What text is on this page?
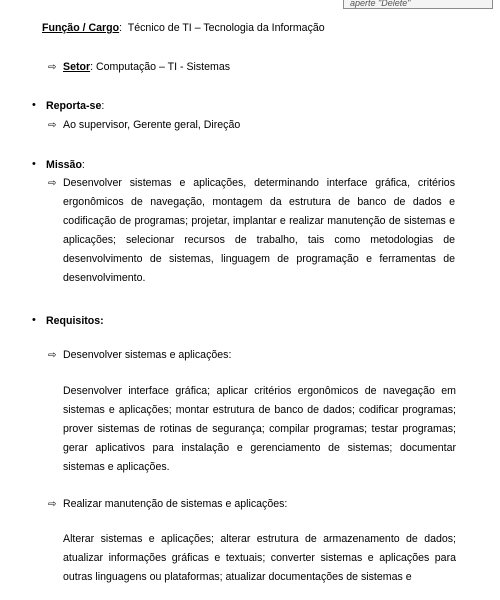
aperte "Delete"
Função / Cargo: Técnico de TI – Tecnologia da Informação
⇨ Setor: Computação – TI - Sistemas
• Reporta-se:
⇨ Ao supervisor, Gerente geral, Direção
• Missão:
⇨ Desenvolver sistemas e aplicações, determinando interface gráfica, critérios ergonômicos de navegação, montagem da estrutura de banco de dados e codificação de programas; projetar, implantar e realizar manutenção de sistemas e aplicações; selecionar recursos de trabalho, tais como metodologias de desenvolvimento de sistemas, linguagem de programação e ferramentas de desenvolvimento.
• Requisitos:
⇨ Desenvolver sistemas e aplicações:
Desenvolver interface gráfica; aplicar critérios ergonômicos de navegação em sistemas e aplicações; montar estrutura de banco de dados; codificar programas; prover sistemas de rotinas de segurança; compilar programas; testar programas; gerar aplicativos para instalação e gerenciamento de sistemas; documentar sistemas e aplicações.
⇨ Realizar manutenção de sistemas e aplicações:
Alterar sistemas e aplicações; alterar estrutura de armazenamento de dados; atualizar informações gráficas e textuais; converter sistemas e aplicações para outras linguagens ou plataformas; atualizar documentações de sistemas e
